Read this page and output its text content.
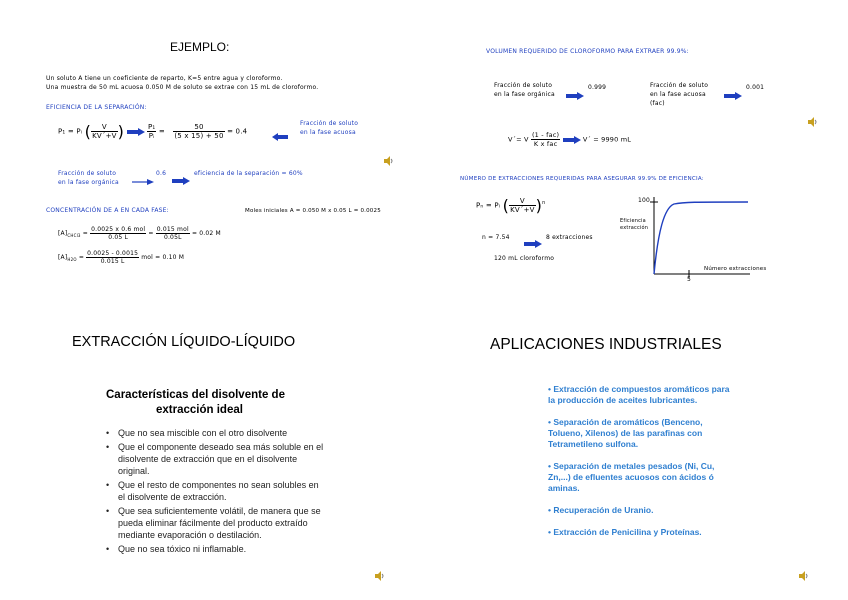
EJEMPLO:
Un soluto A tiene un coeficiente de reparto, K=5 entre agua y cloroformo.
Una muestra de 50 mL acuosa 0.050 M de soluto se extrae con 15 mL de cloroformo.
EFICIENCIA DE LA SEPARACIÓN:
P₁ = Pᵢ ( $\frac{V}{KV´+V}$ )
	$\frac{\text{P₁}}{\text{Pᵢ}} = \frac{50}{(5 x 15) + 50} = 0.4$
Fracción de soluto
en la fase acuosa
Fracción de soluto
en la fase orgánica
0.6	eficiencia de la separación = 60%
CONCENTRACIÓN DE A EN CADA FASE:	Moles iniciales A = 0.050 M x 0.05 L = 0.0025
$[A]_{CHCl3} = \frac{\text{0.0025 x 0.6 mol}}{0.05 L} = \frac{\text{0.015 mol}}{0.05L} = 0.02$ M
$[A]_{H2O} = \frac{0.0025 - 0.0015}{0.015 L}$ mol = 0.10 M
VOLUMEN REQUERIDO DE CLOROFORMO PARA EXTRAER 99.9%:
Fracción de soluto
en la fase orgánica
0.999	Fracción de soluto
en la fase acuosa
(fac)
0.001
V´= V $\frac{\text{(1 - fac)}}{\text{K x fac}}$
	V´ = 9990 mL
NÚMERO DE EXTRACCIONES REQUERIDAS PARA ASEGURAR 99.9% DE EFICIENCIA:
Pₙ = Pᵢ ( $\frac{V}{KV´+V} )^n$
n = 7.54	8 extracciones
120 mL cloroformo
100
Eficiencia
extracción
5
Número extracciones
EXTRACCIÓN LÍQUIDO-LÍQUIDO
Características del disolvente de
extracción ideal
• Que no sea miscible con el otro disolvente
• Que el componente deseado sea más soluble en el disolvente de extracción que en el disolvente original.
• Que el resto de componentes no sean solubles en el disolvente de extracción.
• Que sea suficientemente volátil, de manera que se pueda eliminar fácilmente del producto extraído mediante evaporación o destilación.
• Que no sea tóxico ni inflamable.
APLICACIONES INDUSTRIALES
• Extracción de compuestos aromáticos para la producción de aceites lubricantes.
• Separación de aromáticos (Benceno, Tolueno, Xilenos) de las parafinas con Tetrametileno sulfona.
• Separación de metales pesados (Ni, Cu, Zn,...) de efluentes acuosos con ácidos ó aminas.
• Recuperación de Uranio.
• Extracción de Penicilina y Proteínas.
